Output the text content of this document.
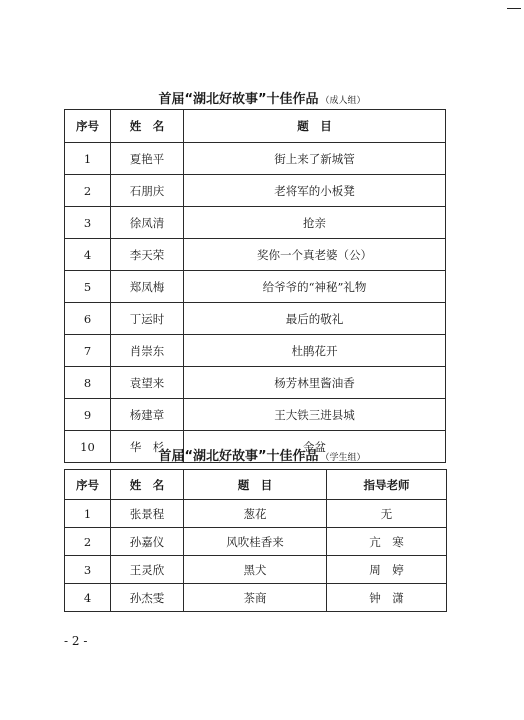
首届“湖北好故事”十佳作品 （成人组）
序号	姓　名	题　目
1	夏艳平	街上来了新城管
2	石朋庆	老将军的小板凳
3	徐凤清	抢亲
4	李天荣	奖你一个真老婆（公）
5	郑凤梅	给爷爷的“神秘”礼物
6	丁运时	最后的敬礼
7	肖崇东	杜鹃花开
8	袁望来	杨芳林里酱油香
9	杨建章	王大铁三进县城
10	华　杉	金盆
首届“湖北好故事”十佳作品 （学生组）
序号	姓　名	题　目	指导老师
1	张景程	葱花	无
2	孙嘉仪	风吹桂香来	亢　寒
3	王灵欣	黑犬	周　婷
4	孙杰雯	茶商	钟　潇
- 2 -
